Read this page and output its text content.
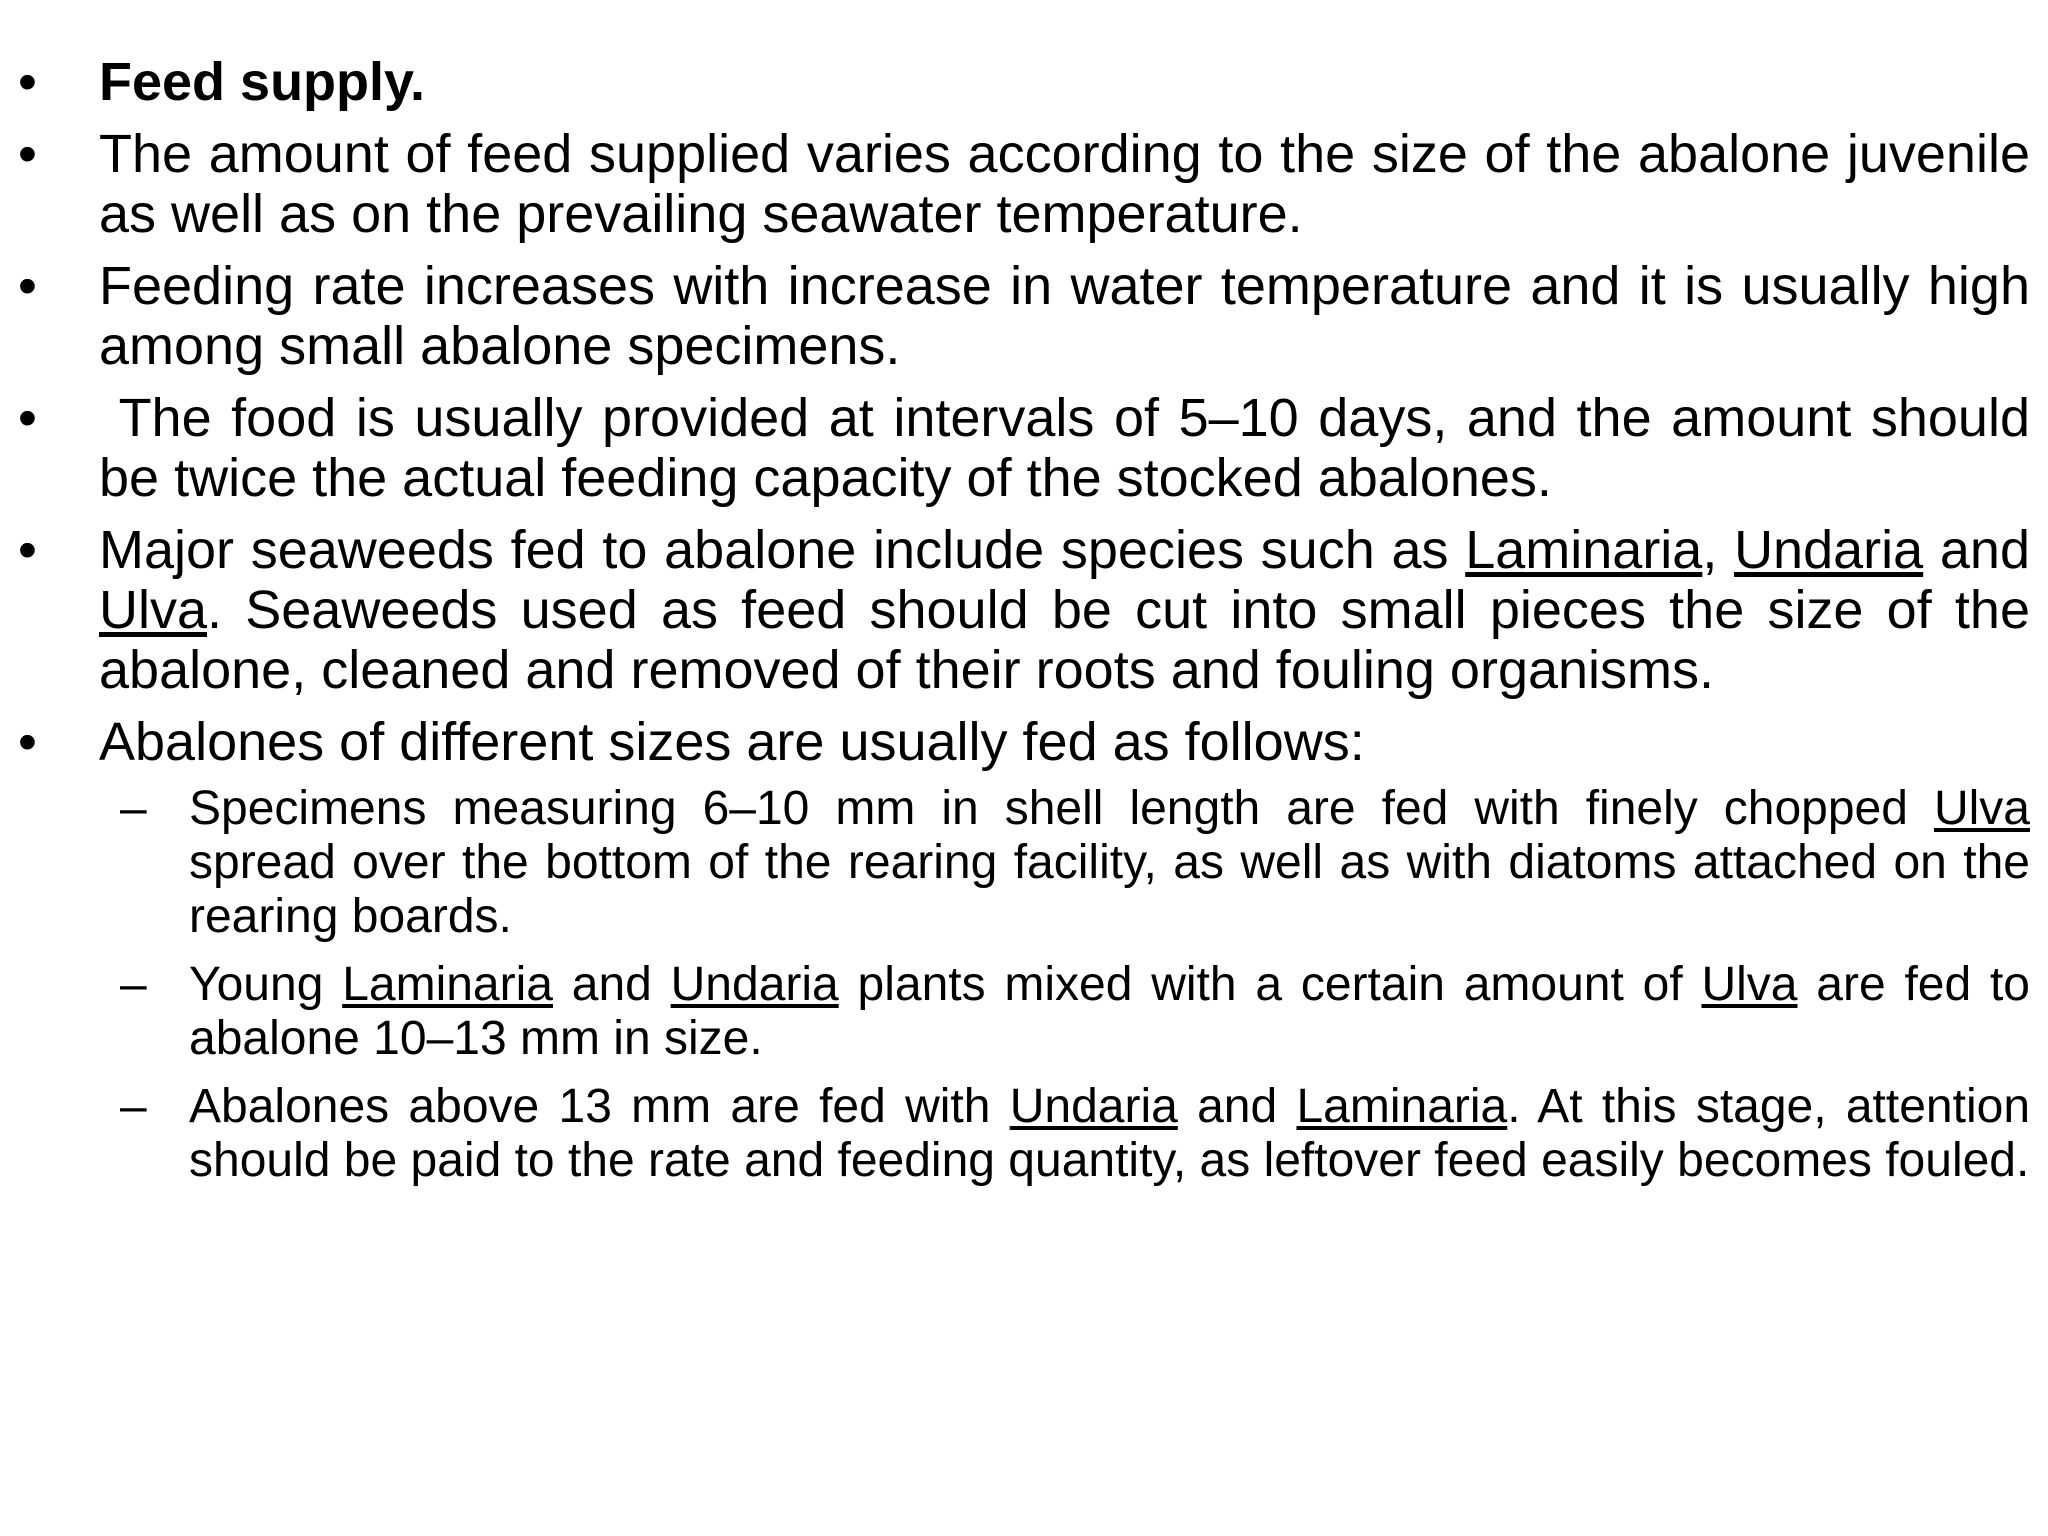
•	Feed supply.
•	The amount of feed supplied varies according to the size of the abalone juvenile as well as on the prevailing seawater temperature.
•	Feeding rate increases with increase in water temperature and it is usually high among small abalone specimens.
•	The food is usually provided at intervals of 5–10 days, and the amount should be twice the actual feeding capacity of the stocked abalones.
•	Major seaweeds fed to abalone include species such as Laminaria, Undaria and Ulva. Seaweeds used as feed should be cut into small pieces the size of the abalone, cleaned and removed of their roots and fouling organisms.
•	Abalones of different sizes are usually fed as follows:
– Specimens measuring 6–10 mm in shell length are fed with finely chopped Ulva spread over the bottom of the rearing facility, as well as with diatoms attached on the rearing boards.
– Young Laminaria and Undaria plants mixed with a certain amount of Ulva are fed to abalone 10–13 mm in size.
– Abalones above 13 mm are fed with Undaria and Laminaria. At this stage, attention should be paid to the rate and feeding quantity, as leftover feed easily becomes fouled.
